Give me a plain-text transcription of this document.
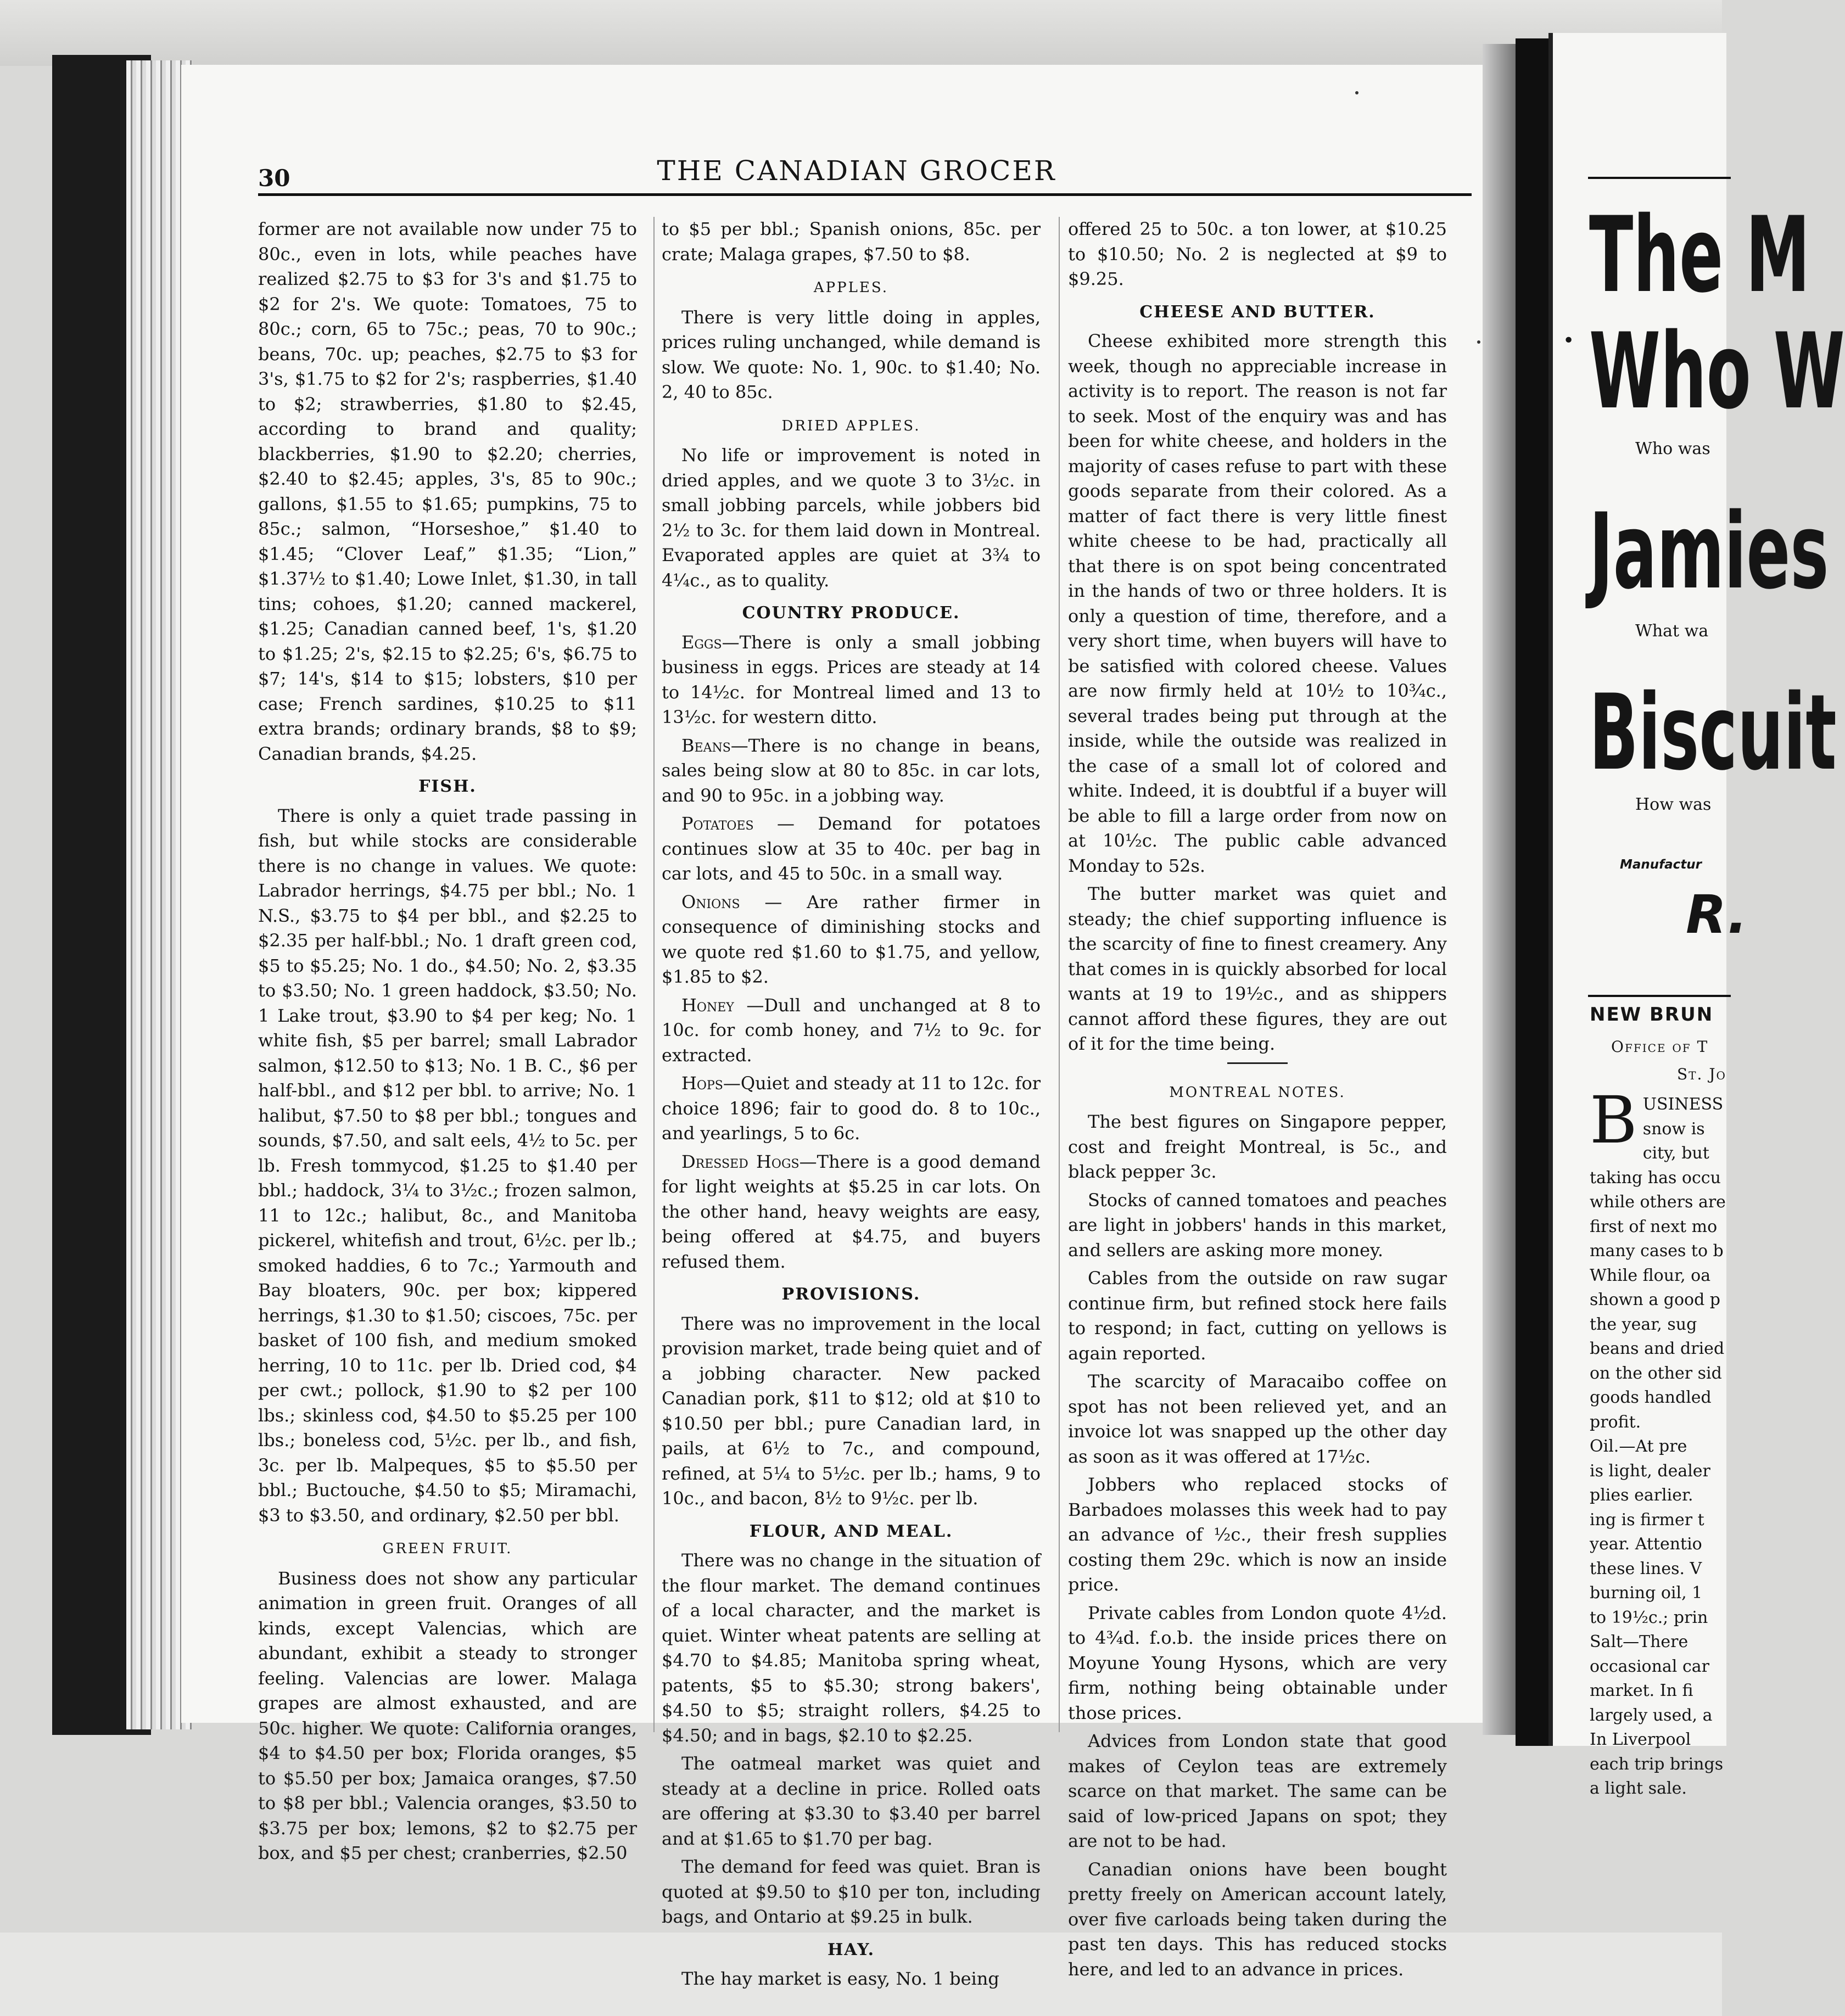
30	THE CANADIAN GROCER

former are not available now under 75 to 80c., even in lots, while peaches have realized $2.75 to $3 for 3's and $1.75 to $2 for 2's. We quote: Tomatoes, 75 to 80c.; corn, 65 to 75c.; peas, 70 to 90c.; beans, 70c. up; peaches, $2.75 to $3 for 3's, $1.75 to $2 for 2's; raspberries, $1.40 to $2; strawberries, $1.80 to $2.45, according to brand and quality; blackberries, $1.90 to $2.20; cherries, $2.40 to $2.45; apples, 3's, 85 to 90c.; gallons, $1.55 to $1.65; pumpkins, 75 to 85c.; salmon, “Horseshoe,” $1.40 to $1.45; “Clover Leaf,” $1.35; “Lion,” $1.37½ to $1.40; Lowe Inlet, $1.30, in tall tins; cohoes, $1.20; canned mackerel, $1.25; Canadian canned beef, 1's, $1.20 to $1.25; 2's, $2.15 to $2.25; 6's, $6.75 to $7; 14's, $14 to $15; lobsters, $10 per case; French sardines, $10.25 to $11 extra brands; ordinary brands, $8 to $9; Canadian brands, $4.25.

FISH.

There is only a quiet trade passing in fish, but while stocks are considerable there is no change in values. We quote: Labrador herrings, $4.75 per bbl.; No. 1 N.S., $3.75 to $4 per bbl., and $2.25 to $2.35 per half-bbl.; No. 1 draft green cod, $5 to $5.25; No. 1 do., $4.50; No. 2, $3.35 to $3.50; No. 1 green haddock, $3.50; No. 1 Lake trout, $3.90 to $4 per keg; No. 1 white fish, $5 per barrel; small Labrador salmon, $12.50 to $13; No. 1 B. C., $6 per half-bbl., and $12 per bbl. to arrive; No. 1 halibut, $7.50 to $8 per bbl.; tongues and sounds, $7.50, and salt eels, 4½ to 5c. per lb. Fresh tommycod, $1.25 to $1.40 per bbl.; haddock, 3¼ to 3½c.; frozen salmon, 11 to 12c.; halibut, 8c., and Manitoba pickerel, whitefish and trout, 6½c. per lb.; smoked haddies, 6 to 7c.; Yarmouth and Bay bloaters, 90c. per box; kippered herrings, $1.30 to $1.50; ciscoes, 75c. per basket of 100 fish, and medium smoked herring, 10 to 11c. per lb. Dried cod, $4 per cwt.; pollock, $1.90 to $2 per 100 lbs.; skinless cod, $4.50 to $5.25 per 100 lbs.; boneless cod, 5½c. per lb., and fish, 3c. per lb. Malpeques, $5 to $5.50 per bbl.; Buctouche, $4.50 to $5; Miramachi, $3 to $3.50, and ordinary, $2.50 per bbl.

GREEN FRUIT.

Business does not show any particular animation in green fruit. Oranges of all kinds, except Valencias, which are abundant, exhibit a steady to stronger feeling. Valencias are lower. Malaga grapes are almost exhausted, and are 50c. higher. We quote: California oranges, $4 to $4.50 per box; Florida oranges, $5 to $5.50 per box; Jamaica oranges, $7.50 to $8 per bbl.; Valencia oranges, $3.50 to $3.75 per box; lemons, $2 to $2.75 per box, and $5 per chest; cranberries, $2.50

to $5 per bbl.; Spanish onions, 85c. per crate; Malaga grapes, $7.50 to $8.

APPLES.

There is very little doing in apples, prices ruling unchanged, while demand is slow. We quote: No. 1, 90c. to $1.40; No. 2, 40 to 85c.

DRIED APPLES.

No life or improvement is noted in dried apples, and we quote 3 to 3½c. in small jobbing parcels, while jobbers bid 2½ to 3c. for them laid down in Montreal. Evaporated apples are quiet at 3¾ to 4¼c., as to quality.

COUNTRY PRODUCE.

Eggs—There is only a small jobbing business in eggs. Prices are steady at 14 to 14½c. for Montreal limed and 13 to 13½c. for western ditto.

Beans—There is no change in beans, sales being slow at 80 to 85c. in car lots, and 90 to 95c. in a jobbing way.

Potatoes — Demand for potatoes continues slow at 35 to 40c. per bag in car lots, and 45 to 50c. in a small way.

Onions — Are rather firmer in consequence of diminishing stocks and we quote red $1.60 to $1.75, and yellow, $1.85 to $2.

Honey —Dull and unchanged at 8 to 10c. for comb honey, and 7½ to 9c. for extracted.

Hops—Quiet and steady at 11 to 12c. for choice 1896; fair to good do. 8 to 10c., and yearlings, 5 to 6c.

Dressed Hogs—There is a good demand for light weights at $5.25 in car lots. On the other hand, heavy weights are easy, being offered at $4.75, and buyers refused them.

PROVISIONS.

There was no improvement in the local provision market, trade being quiet and of a jobbing character. New packed Canadian pork, $11 to $12; old at $10 to $10.50 per bbl.; pure Canadian lard, in pails, at 6½ to 7c., and compound, refined, at 5¼ to 5½c. per lb.; hams, 9 to 10c., and bacon, 8½ to 9½c. per lb.

FLOUR, AND MEAL.

There was no change in the situation of the flour market. The demand continues of a local character, and the market is quiet. Winter wheat patents are selling at $4.70 to $4.85; Manitoba spring wheat, patents, $5 to $5.30; strong bakers', $4.50 to $5; straight rollers, $4.25 to $4.50; and in bags, $2.10 to $2.25.

The oatmeal market was quiet and steady at a decline in price. Rolled oats are offering at $3.30 to $3.40 per barrel and at $1.65 to $1.70 per bag.

The demand for feed was quiet. Bran is quoted at $9.50 to $10 per ton, including bags, and Ontario at $9.25 in bulk.

HAY.

The hay market is easy, No. 1 being

offered 25 to 50c. a ton lower, at $10.25 to $10.50; No. 2 is neglected at $9 to $9.25.

CHEESE AND BUTTER.

Cheese exhibited more strength this week, though no appreciable increase in activity is to report. The reason is not far to seek. Most of the enquiry was and has been for white cheese, and holders in the majority of cases refuse to part with these goods separate from their colored. As a matter of fact there is very little finest white cheese to be had, practically all that there is on spot being concentrated in the hands of two or three holders. It is only a question of time, therefore, and a very short time, when buyers will have to be satisfied with colored cheese. Values are now firmly held at 10½ to 10¾c., several trades being put through at the inside, while the outside was realized in the case of a small lot of colored and white. Indeed, it is doubtful if a buyer will be able to fill a large order from now on at 10½c. The public cable advanced Monday to 52s.

The butter market was quiet and steady; the chief supporting influence is the scarcity of fine to finest creamery. Any that comes in is quickly absorbed for local wants at 19 to 19½c., and as shippers cannot afford these figures, they are out of it for the time being.

MONTREAL NOTES.

The best figures on Singapore pepper, cost and freight Montreal, is 5c., and black pepper 3c.

Stocks of canned tomatoes and peaches are light in jobbers' hands in this market, and sellers are asking more money.

Cables from the outside on raw sugar continue firm, but refined stock here fails to respond; in fact, cutting on yellows is again reported.

The scarcity of Maracaibo coffee on spot has not been relieved yet, and an invoice lot was snapped up the other day as soon as it was offered at 17½c.

Jobbers who replaced stocks of Barbadoes molasses this week had to pay an advance of ½c., their fresh supplies costing them 29c. which is now an inside price.

Private cables from London quote 4½d. to 4¾d. f.o.b. the inside prices there on Moyune Young Hysons, which are very firm, nothing being obtainable under those prices.

Advices from London state that good makes of Ceylon teas are extremely scarce on that market. The same can be said of low-priced Japans on spot; they are not to be had.

Canadian onions have been bought pretty freely on American account lately, over five carloads being taken during the past ten days. This has reduced stocks here, and led to an advance in prices.

•
The M
Who W
Who was
Jamies
What wa
Biscuit
How was
Manufactur
R.
NEW BRUN
Office of T
St. Jo
B USINESS
snow is
city, but
taking has occu
while others are
first of next mo
many cases to b
While flour, oa
shown a good p
the year, sug
beans and dried
on the other sid
goods handled
profit.
Oil.—At pre
is light, dealer
plies earlier.
ing is firmer t
year. Attentio
these lines. V
burning oil, 1
to 19½c.; prin
Salt—There
occasional car
market. In fi
largely used, a
In Liverpool
each trip brings
a light sale.
